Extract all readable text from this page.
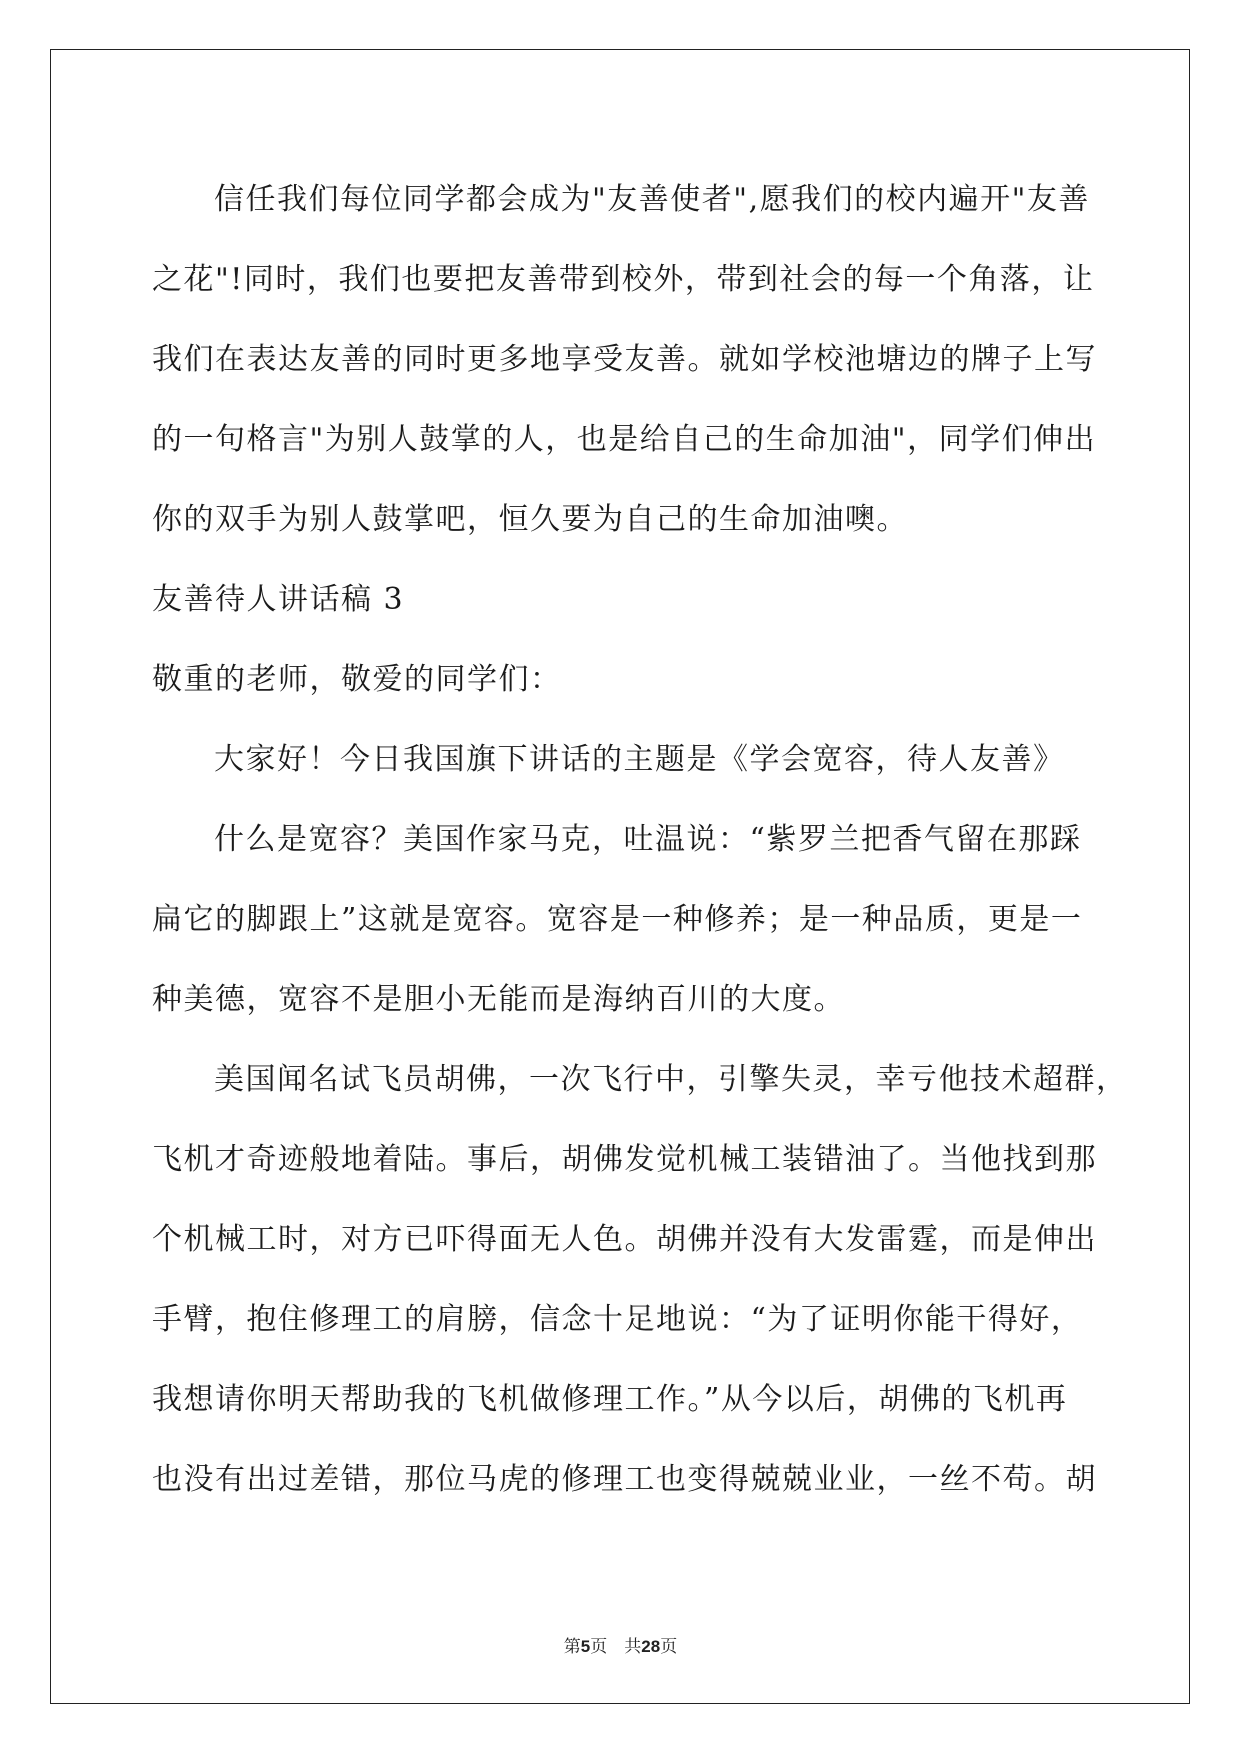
信任我们每位同学都会成为"友善使者",愿我们的校内遍开"友善
之花"!同时，我们也要把友善带到校外，带到社会的每一个角落，让
我们在表达友善的同时更多地享受友善。就如学校池塘边的牌子上写
的一句格言"为别人鼓掌的人，也是给自己的生命加油"，同学们伸出
你的双手为别人鼓掌吧，恒久要为自己的生命加油噢。
友善待人讲话稿 3
敬重的老师，敬爱的同学们：
大家好！今日我国旗下讲话的主题是《学会宽容，待人友善》
什么是宽容？美国作家马克，吐温说：“紫罗兰把香气留在那踩
扁它的脚跟上”这就是宽容。宽容是一种修养；是一种品质，更是一
种美德，宽容不是胆小无能而是海纳百川的大度。
美国闻名试飞员胡佛，一次飞行中，引擎失灵，幸亏他技术超群，
飞机才奇迹般地着陆。事后，胡佛发觉机械工装错油了。当他找到那
个机械工时，对方已吓得面无人色。胡佛并没有大发雷霆，而是伸出
手臂，抱住修理工的肩膀，信念十足地说：“为了证明你能干得好，
我想请你明天帮助我的飞机做修理工作。”从今以后，胡佛的飞机再
也没有出过差错，那位马虎的修理工也变得兢兢业业，一丝不苟。胡
第5页　共28页
